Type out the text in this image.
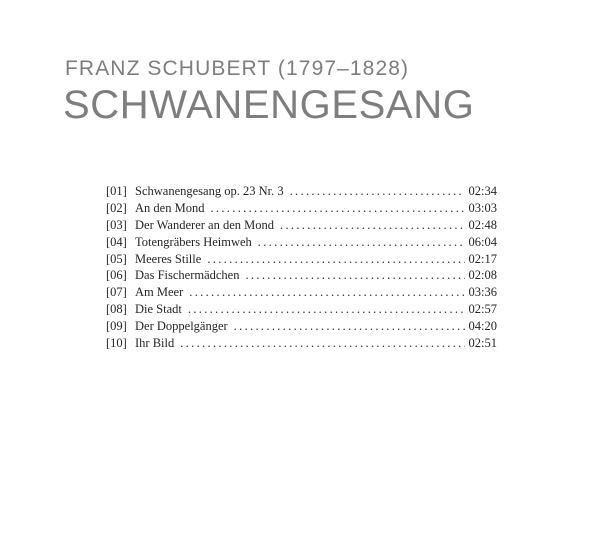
FRANZ SCHUBERT (1797–1828)
SCHWANENGESANG
[01] Schwanengesang op. 23 Nr. 3 . . .	02:34
[02] An den Mond . . .	03:03
[03] Der Wanderer an den Mond . . .	02:48
[04] Totengräbers Heimweh . . .	06:04
[05] Meeres Stille . . .	02:17
[06] Das Fischermädchen . . .	02:08
[07] Am Meer . . .	03:36
[08] Die Stadt . . .	02:57
[09] Der Doppelgänger . . .	04:20
[10] Ihr Bild . . .	02:51
